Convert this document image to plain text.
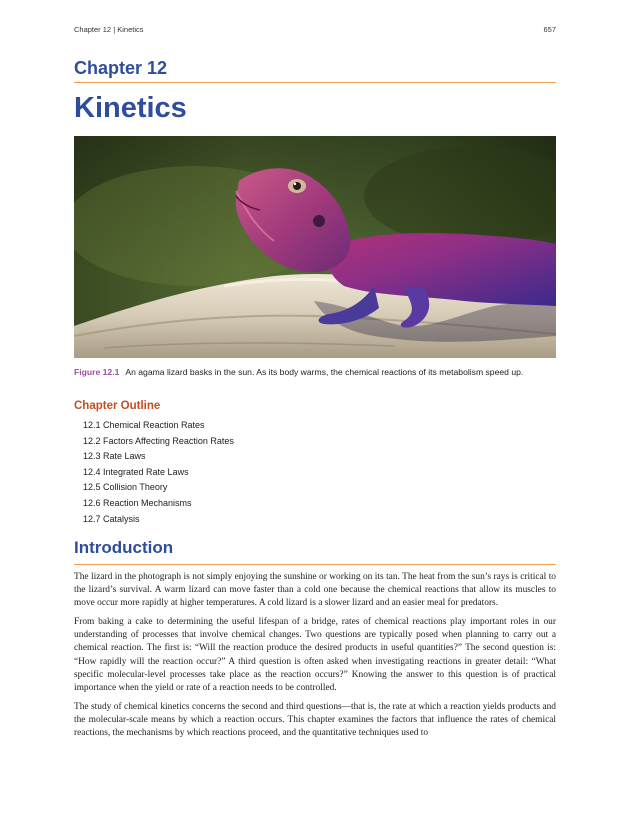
Chapter 12 | Kinetics	657
Chapter 12
Kinetics

Figure 12.1 An agama lizard basks in the sun. As its body warms, the chemical reactions of its metabolism speed up.

Chapter Outline
12.1 Chemical Reaction Rates
12.2 Factors Affecting Reaction Rates
12.3 Rate Laws
12.4 Integrated Rate Laws
12.5 Collision Theory
12.6 Reaction Mechanisms
12.7 Catalysis
Introduction

The lizard in the photograph is not simply enjoying the sunshine or working on its tan. The heat from the sun’s rays is critical to the lizard’s survival. A warm lizard can move faster than a cold one because the chemical reactions that allow its muscles to move occur more rapidly at higher temperatures. A cold lizard is a slower lizard and an easier meal for predators.

From baking a cake to determining the useful lifespan of a bridge, rates of chemical reactions play important roles in our understanding of processes that involve chemical changes. Two questions are typically posed when planning to carry out a chemical reaction. The first is: “Will the reaction produce the desired products in useful quantities?” The second question is: “How rapidly will the reaction occur?” A third question is often asked when investigating reactions in greater detail: “What specific molecular-level processes take place as the reaction occurs?” Knowing the answer to this question is of practical importance when the yield or rate of a reaction needs to be controlled.

The study of chemical kinetics concerns the second and third questions—that is, the rate at which a reaction yields products and the molecular-scale means by which a reaction occurs. This chapter examines the factors that influence the rates of chemical reactions, the mechanisms by which reactions proceed, and the quantitative techniques used to
